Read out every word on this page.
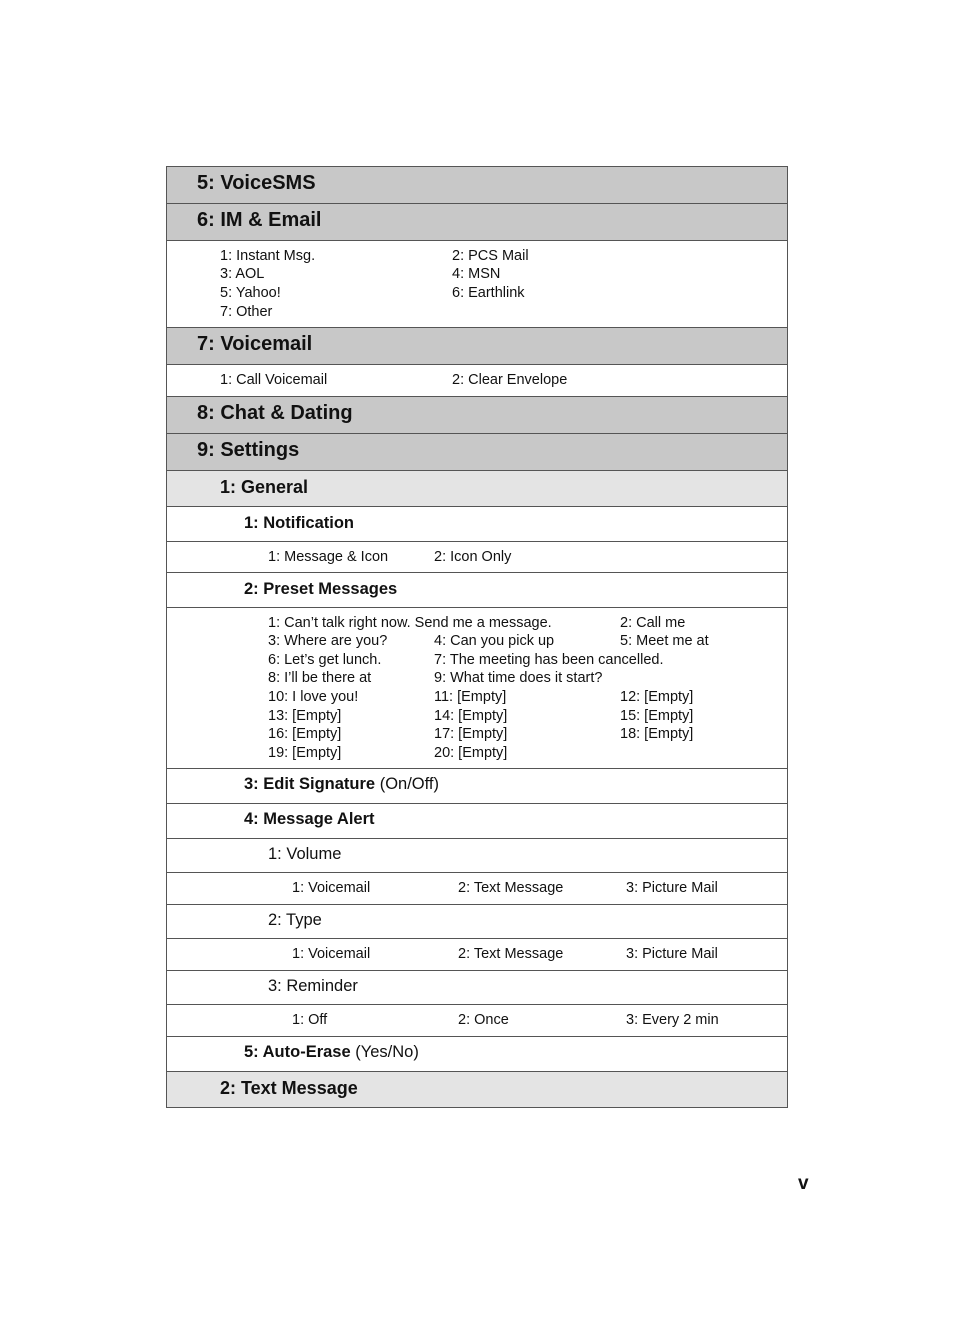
5: VoiceSMS
6: IM & Email
1: Instant Msg.	2: PCS Mail
3: AOL	4: MSN
5: Yahoo!	6: Earthlink
7: Other
7: Voicemail
1: Call Voicemail	2: Clear Envelope
8: Chat & Dating
9: Settings
1: General
1: Notification
1: Message & Icon	2: Icon Only
2: Preset Messages
1: Can’t talk right now. Send me a message.	2: Call me
3: Where are you?	4: Can you pick up	5: Meet me at
6: Let’s get lunch.	7: The meeting has been cancelled.
8: I’ll be there at	9: What time does it start?
10: I love you!	11: [Empty]	12: [Empty]
13: [Empty]	14: [Empty]	15: [Empty]
16: [Empty]	17: [Empty]	18: [Empty]
19: [Empty]	20: [Empty]
3: Edit Signature (On/Off)
4: Message Alert
1: Volume
1: Voicemail	2: Text Message	3: Picture Mail
2: Type
1: Voicemail	2: Text Message	3: Picture Mail
3: Reminder
1: Off	2: Once	3: Every 2 min
5: Auto-Erase (Yes/No)
2: Text Message
v
